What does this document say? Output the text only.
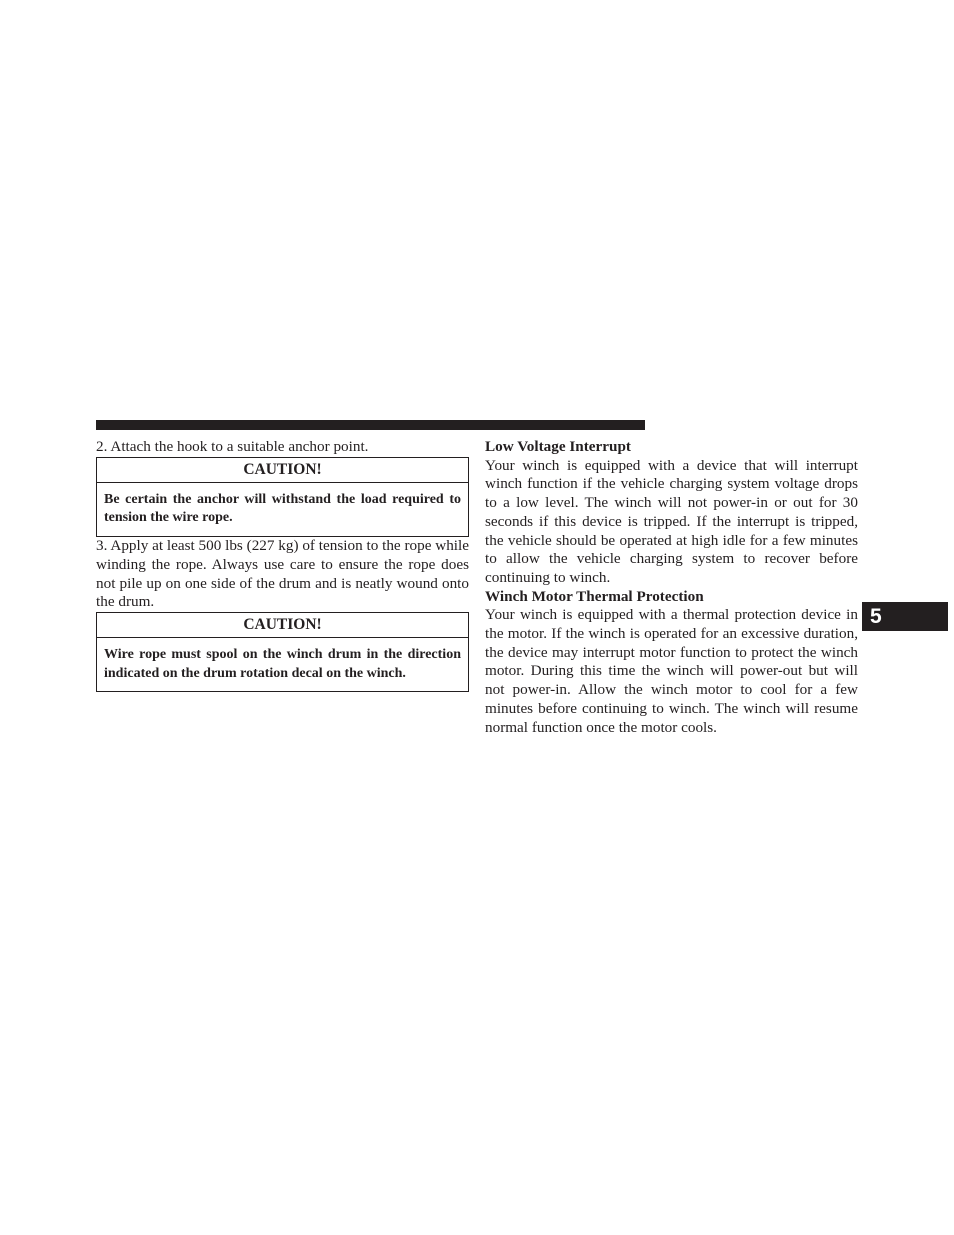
2. Attach the hook to a suitable anchor point.

CAUTION!
Be certain the anchor will withstand the load required to tension the wire rope.

3. Apply at least 500 lbs (227 kg) of tension to the rope while winding the rope. Always use care to ensure the rope does not pile up on one side of the drum and is neatly wound onto the drum.

CAUTION!
Wire rope must spool on the winch drum in the direction indicated on the drum rotation decal on the winch.
Low Voltage Interrupt

Your winch is equipped with a device that will interrupt winch function if the vehicle charging system voltage drops to a low level. The winch will not power-in or out for 30 seconds if this device is tripped. If the interrupt is tripped, the vehicle should be operated at high idle for a few minutes to allow the vehicle charging system to recover before continuing to winch.

Winch Motor Thermal Protection

Your winch is equipped with a thermal protection device in the motor. If the winch is operated for an excessive duration, the device may interrupt motor function to protect the winch motor. During this time the winch will power-out but will not power-in. Allow the winch motor to cool for a few minutes before continuing to winch. The winch will resume normal function once the motor cools.

5
